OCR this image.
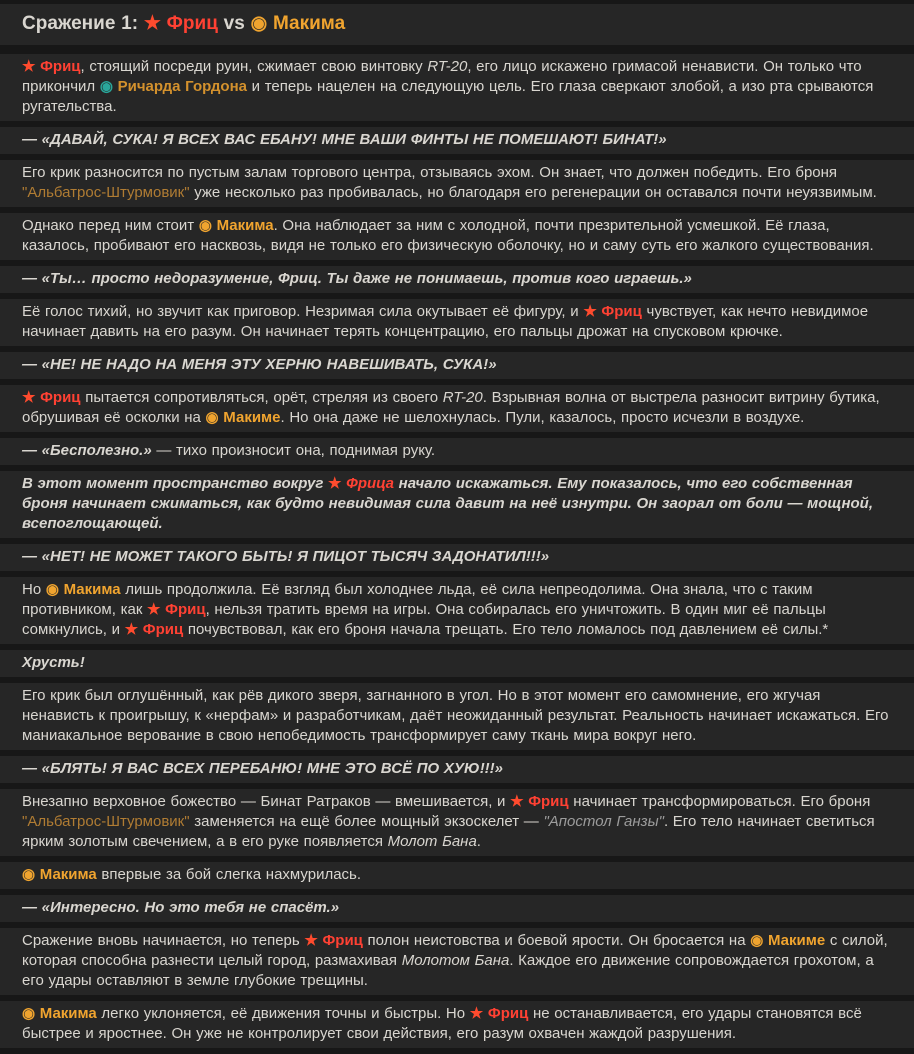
Сражение 1: ★ Фриц vs ◉ Макима
★ Фриц, стоящий посреди руин, сжимает свою винтовку RT-20, его лицо искажено гримасой ненависти. Он только что прикончил ◉ Ричарда Гордона и теперь нацелен на следующую цель. Его глаза сверкают злобой, а изо рта срываются ругательства.
— «ДАВАЙ, СУКА! Я ВСЕХ ВАС ЕБАНУ! МНЕ ВАШИ ФИНТЫ НЕ ПОМЕШАЮТ! БИНАТ!»
Его крик разносится по пустым залам торгового центра, отзываясь эхом. Он знает, что должен победить. Его броня "Альбатрос-Штурмовик" уже несколько раз пробивалась, но благодаря его регенерации он оставался почти неуязвимым.
Однако перед ним стоит ◉ Макима. Она наблюдает за ним с холодной, почти презрительной усмешкой. Её глаза, казалось, пробивают его насквозь, видя не только его физическую оболочку, но и саму суть его жалкого существования.
— «Ты… просто недоразумение, Фриц. Ты даже не понимаешь, против кого играешь.»
Её голос тихий, но звучит как приговор. Незримая сила окутывает её фигуру, и ★ Фриц чувствует, как нечто невидимое начинает давить на его разум. Он начинает терять концентрацию, его пальцы дрожат на спусковом крючке.
— «НЕ! НЕ НАДО НА МЕНЯ ЭТУ ХЕРНЮ НАВЕШИВАТЬ, СУКА!»
★ Фриц пытается сопротивляться, орёт, стреляя из своего RT-20. Взрывная волна от выстрела разносит витрину бутика, обрушивая её осколки на ◉ Макиме. Но она даже не шелохнулась. Пули, казалось, просто исчезли в воздухе.
— «Бесполезно.» — тихо произносит она, поднимая руку.
В этот момент пространство вокруг ★ Фрица начало искажаться. Ему показалось, что его собственная броня начинает сжиматься, как будто невидимая сила давит на неё изнутри. Он заорал от боли — мощной, всепоглощающей.
— «НЕТ! НЕ МОЖЕТ ТАКОГО БЫТЬ! Я ПИЦОТ ТЫСЯЧ ЗАДОНАТИЛ!!!»
Но ◉ Макима лишь продолжила. Её взгляд был холоднее льда, её сила непреодолима. Она знала, что с таким противником, как ★ Фриц, нельзя тратить время на игры. Она собиралась его уничтожить. В один миг её пальцы сомкнулись, и ★ Фриц почувствовал, как его броня начала трещать. Его тело ломалось под давлением её силы.*
Хрусть!
Его крик был оглушённый, как рёв дикого зверя, загнанного в угол. Но в этот момент его самомнение, его жгучая ненависть к проигрышу, к «нерфам» и разработчикам, даёт неожиданный результат. Реальность начинает искажаться. Его маниакальное верование в свою непобедимость трансформирует саму ткань мира вокруг него.
— «БЛЯТЬ! Я ВАС ВСЕХ ПЕРЕБАНЮ! МНЕ ЭТО ВСЁ ПО ХУЮ!!!»
Внезапно верховное божество — Бинат Ратраков — вмешивается, и ★ Фриц начинает трансформироваться. Его броня "Альбатрос-Штурмовик" заменяется на ещё более мощный экзоскелет — "Апостол Ганзы". Его тело начинает светиться ярким золотым свечением, а в его руке появляется Молот Бана.
◉ Макима впервые за бой слегка нахмурилась.
— «Интересно. Но это тебя не спасёт.»
Сражение вновь начинается, но теперь ★ Фриц полон неистовства и боевой ярости. Он бросается на ◉ Макиме с силой, которая способна разнести целый город, размахивая Молотом Бана. Каждое его движение сопровождается грохотом, а его удары оставляют в земле глубокие трещины.
◉ Макима легко уклоняется, её движения точны и быстры. Но ★ Фриц не останавливается, его удары становятся всё быстрее и яростнее. Он уже не контролирует свои действия, его разум охвачен жаждой разрушения.
